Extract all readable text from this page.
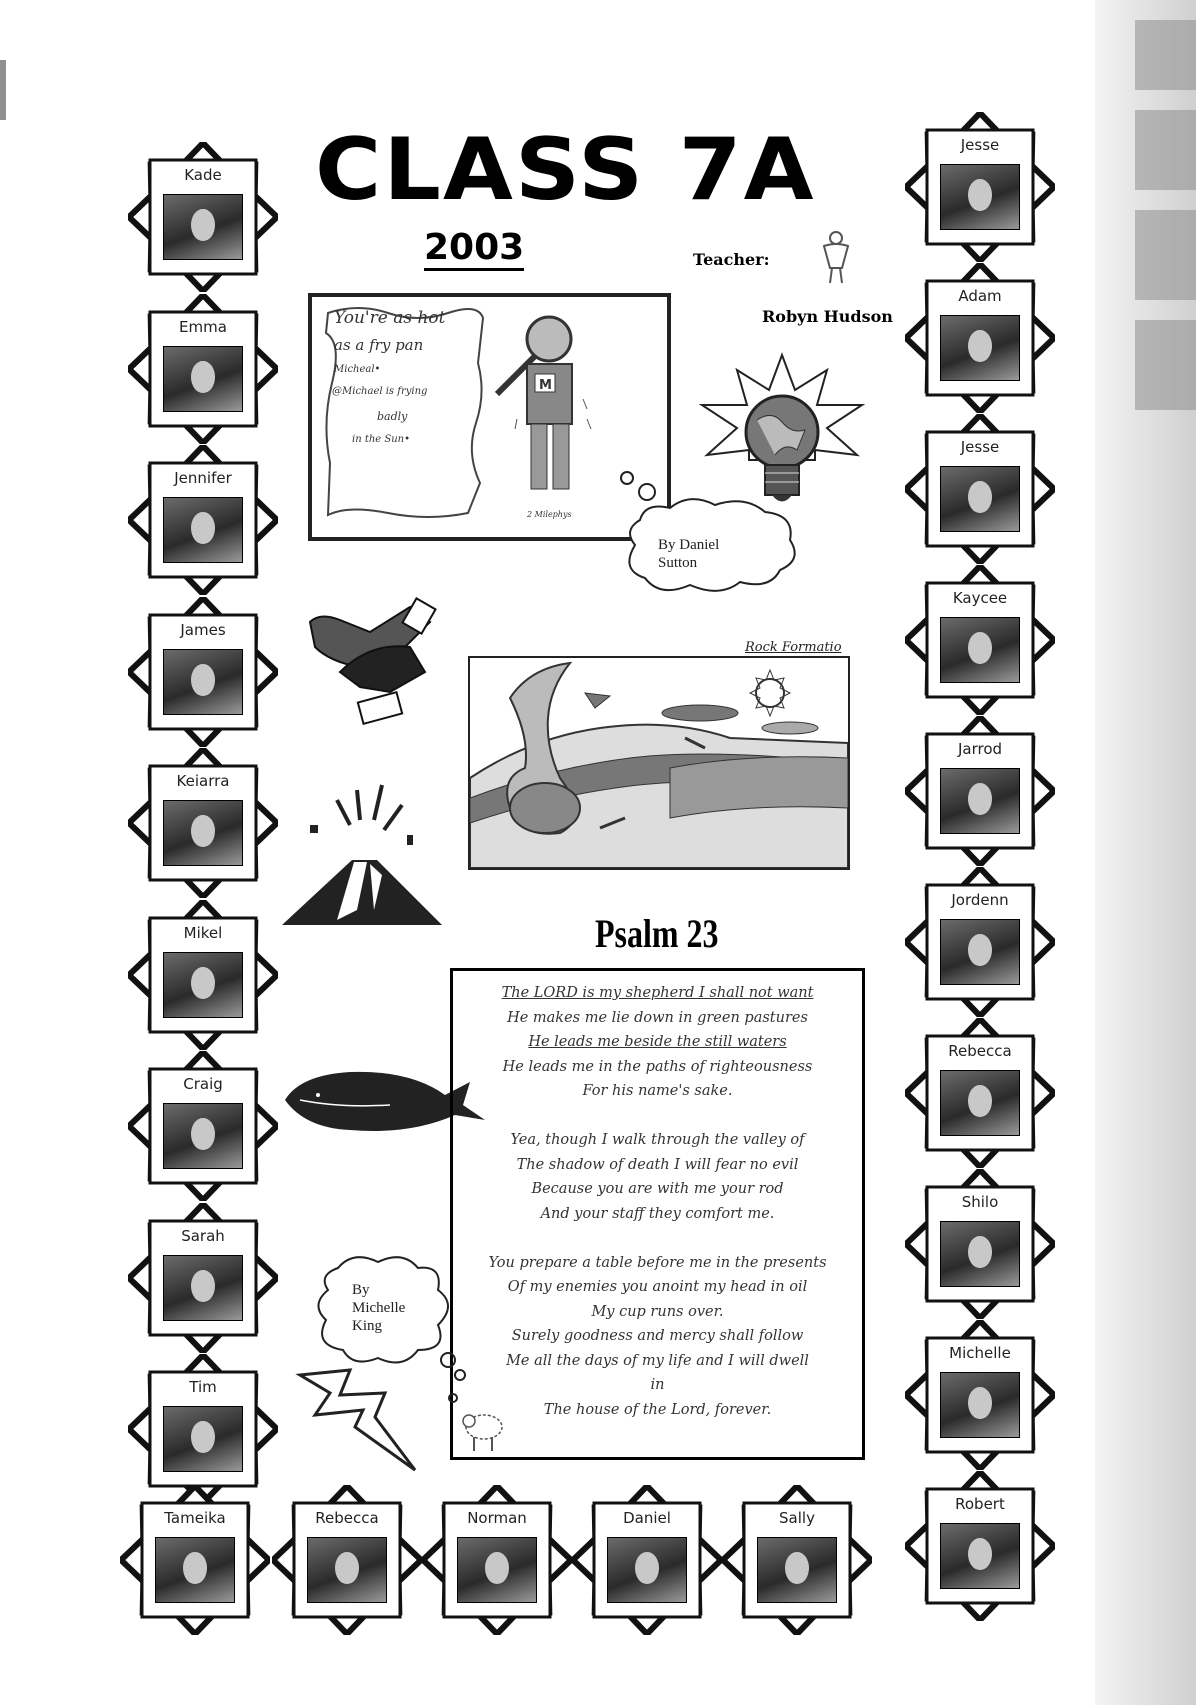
CLASS 7A
2003	Teacher:
Robyn Hudson
You're as hot
as a fry pan
Micheal•
@Michael is frying
badly
in the Sun•
M
2 Milephys
By Daniel
Sutton
Rock Formatio
Psalm 23
The LORD is my shepherd I shall not want
He makes me lie down in green pastures
He leads me beside the still waters
He leads me in the paths of righteousness
For his name's sake.
Yea, though I walk through the valley of
The shadow of death I will fear no evil
Because you are with me your rod
And your staff they comfort me.
You prepare a table before me in the presents
Of my enemies you anoint my head in oil
My cup runs over.
Surely goodness and mercy shall follow
Me all the days of my life and I will dwell
in
The house of the Lord, forever.
By
Michelle
King
Kade
Emma
Jennifer
James
Keiarra
Mikel
Craig
Sarah
Tim
Tameika	Rebecca	Norman	Daniel	Sally
Jesse
Adam
Jesse
Kaycee
Jarrod
Jordenn
Rebecca
Shilo
Michelle
Robert
